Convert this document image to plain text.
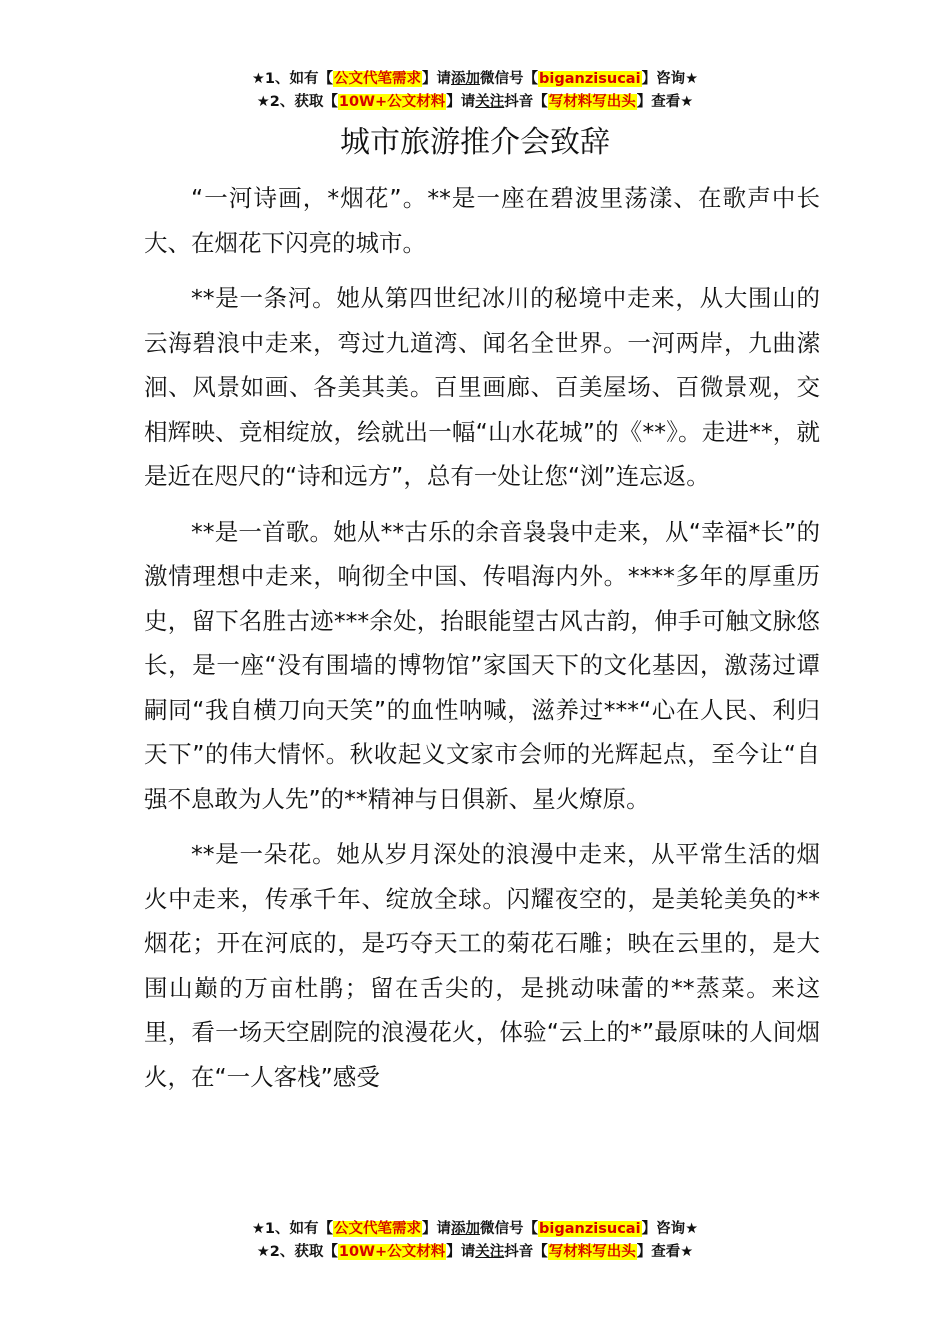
★1、如有【公文代笔需求】请添加微信号【biganzisucai】咨询★
★2、获取【10W+公文材料】请关注抖音【写材料写出头】查看★
城市旅游推介会致辞

“一河诗画，*烟花”。**是一座在碧波里荡漾、在歌声中长大、在烟花下闪亮的城市。

**是一条河。她从第四世纪冰川的秘境中走来，从大围山的云海碧浪中走来，弯过九道湾、闻名全世界。一河两岸，九曲潆洄、风景如画、各美其美。百里画廊、百美屋场、百微景观，交相辉映、竞相绽放，绘就出一幅“山水花城”的《**》。走进**，就是近在咫尺的“诗和远方”，总有一处让您“浏”连忘返。

**是一首歌。她从**古乐的余音袅袅中走来，从“幸福*长”的激情理想中走来，响彻全中国、传唱海内外。****多年的厚重历史，留下名胜古迹***余处，抬眼能望古风古韵，伸手可触文脉悠长，是一座“没有围墙的博物馆”家国天下的文化基因，激荡过谭嗣同“我自横刀向天笑”的血性呐喊，滋养过***“心在人民、利归天下”的伟大情怀。秋收起义文家市会师的光辉起点，至今让“自强不息敢为人先”的**精神与日俱新、星火燎原。

**是一朵花。她从岁月深处的浪漫中走来，从平常生活的烟火中走来，传承千年、绽放全球。闪耀夜空的，是美轮美奂的**烟花；开在河底的，是巧夺天工的菊花石雕；映在云里的，是大围山巅的万亩杜鹃；留在舌尖的，是挑动味蕾的**蒸菜。来这里，看一场天空剧院的浪漫花火，体验“云上的*”最原味的人间烟火，在“一人客栈”感受

★1、如有【公文代笔需求】请添加微信号【biganzisucai】咨询★
★2、获取【10W+公文材料】请关注抖音【写材料写出头】查看★
